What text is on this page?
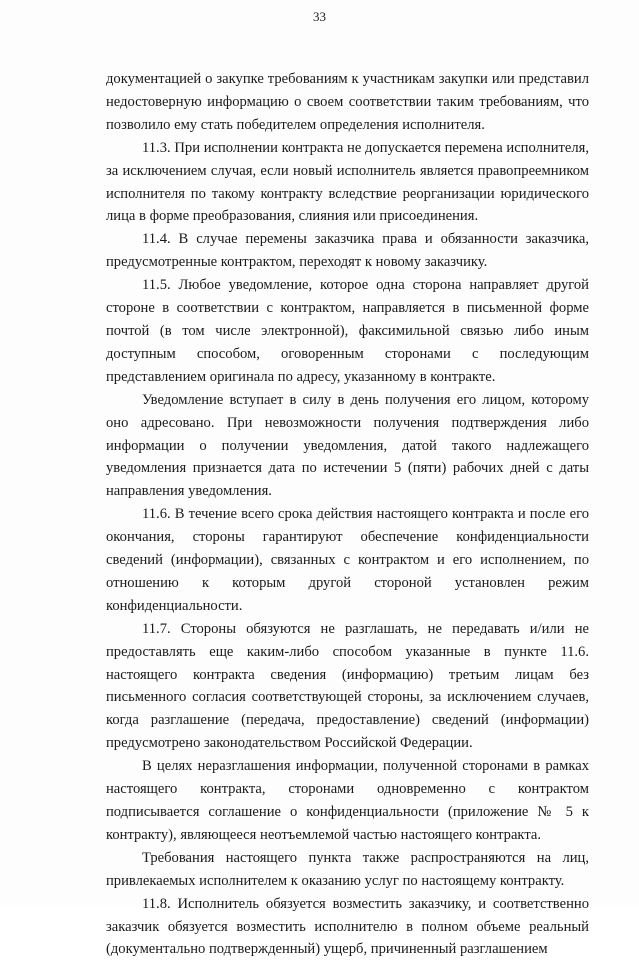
33

документацией о закупке требованиям к участникам закупки или представил недостоверную информацию о своем соответствии таким требованиям, что позволило ему стать победителем определения исполнителя.

11.3. При исполнении контракта не допускается перемена исполнителя, за исключением случая, если новый исполнитель является правопреемником исполнителя по такому контракту вследствие реорганизации юридического лица в форме преобразования, слияния или присоединения.

11.4. В случае перемены заказчика права и обязанности заказчика, предусмотренные контрактом, переходят к новому заказчику.

11.5. Любое уведомление, которое одна сторона направляет другой стороне в соответствии с контрактом, направляется в письменной форме почтой (в том числе электронной), факсимильной связью либо иным доступным способом, оговоренным сторонами с последующим представлением оригинала по адресу, указанному в контракте.

Уведомление вступает в силу в день получения его лицом, которому оно адресовано. При невозможности получения подтверждения либо информации о получении уведомления, датой такого надлежащего уведомления признается дата по истечении 5 (пяти) рабочих дней с даты направления уведомления.

11.6. В течение всего срока действия настоящего контракта и после его окончания, стороны гарантируют обеспечение конфиденциальности сведений (информации), связанных с контрактом и его исполнением, по отношению к которым другой стороной установлен режим конфиденциальности.

11.7. Стороны обязуются не разглашать, не передавать и/или не предоставлять еще каким-либо способом указанные в пункте 11.6. настоящего контракта сведения (информацию) третьим лицам без письменного согласия соответствующей стороны, за исключением случаев, когда разглашение (передача, предоставление) сведений (информации) предусмотрено законодательством Российской Федерации.

В целях неразглашения информации, полученной сторонами в рамках настоящего контракта, сторонами одновременно с контрактом подписывается соглашение о конфиденциальности (приложение № 5 к контракту), являющееся неотъемлемой частью настоящего контракта.

Требования настоящего пункта также распространяются на лиц, привлекаемых исполнителем к оказанию услуг по настоящему контракту.

11.8. Исполнитель обязуется возместить заказчику, и соответственно заказчик обязуется возместить исполнителю в полном объеме реальный (документально подтвержденный) ущерб, причиненный разглашением
